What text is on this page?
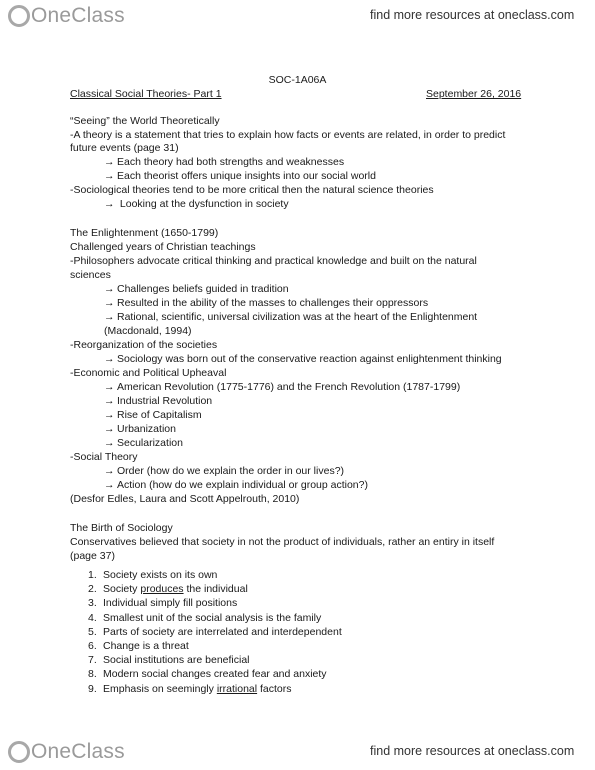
OneClass	find more resources at oneclass.com
SOC-1A06A
Classical Social Theories- Part 1	September 26, 2016
“Seeing” the World Theoretically
-A theory is a statement that tries to explain how facts or events are related, in order to predict
future events (page 31)
→ Each theory had both strengths and weaknesses
→ Each theorist offers unique insights into our social world
-Sociological theories tend to be more critical then the natural science theories
→ Looking at the dysfunction in society
The Enlightenment (1650-1799)
Challenged years of Christian teachings
-Philosophers advocate critical thinking and practical knowledge and built on the natural
sciences
→ Challenges beliefs guided in tradition
→ Resulted in the ability of the masses to challenges their oppressors
→ Rational, scientific, universal civilization was at the heart of the Enlightenment
(Macdonald, 1994)
-Reorganization of the societies
→ Sociology was born out of the conservative reaction against enlightenment thinking
-Economic and Political Upheaval
→ American Revolution (1775-1776) and the French Revolution (1787-1799)
→ Industrial Revolution
→ Rise of Capitalism
→ Urbanization
→ Secularization
-Social Theory
→ Order (how do we explain the order in our lives?)
→ Action (how do we explain individual or group action?)
(Desfor Edles, Laura and Scott Appelrouth, 2010)
The Birth of Sociology
Conservatives believed that society in not the product of individuals, rather an entiry in itself
(page 37)
1. Society exists on its own
2. Society produces the individual
3. Individual simply fill positions
4. Smallest unit of the social analysis is the family
5. Parts of society are interrelated and interdependent
6. Change is a threat
7. Social institutions are beneficial
8. Modern social changes created fear and anxiety
9. Emphasis on seemingly irrational factors
OneClass	find more resources at oneclass.com
